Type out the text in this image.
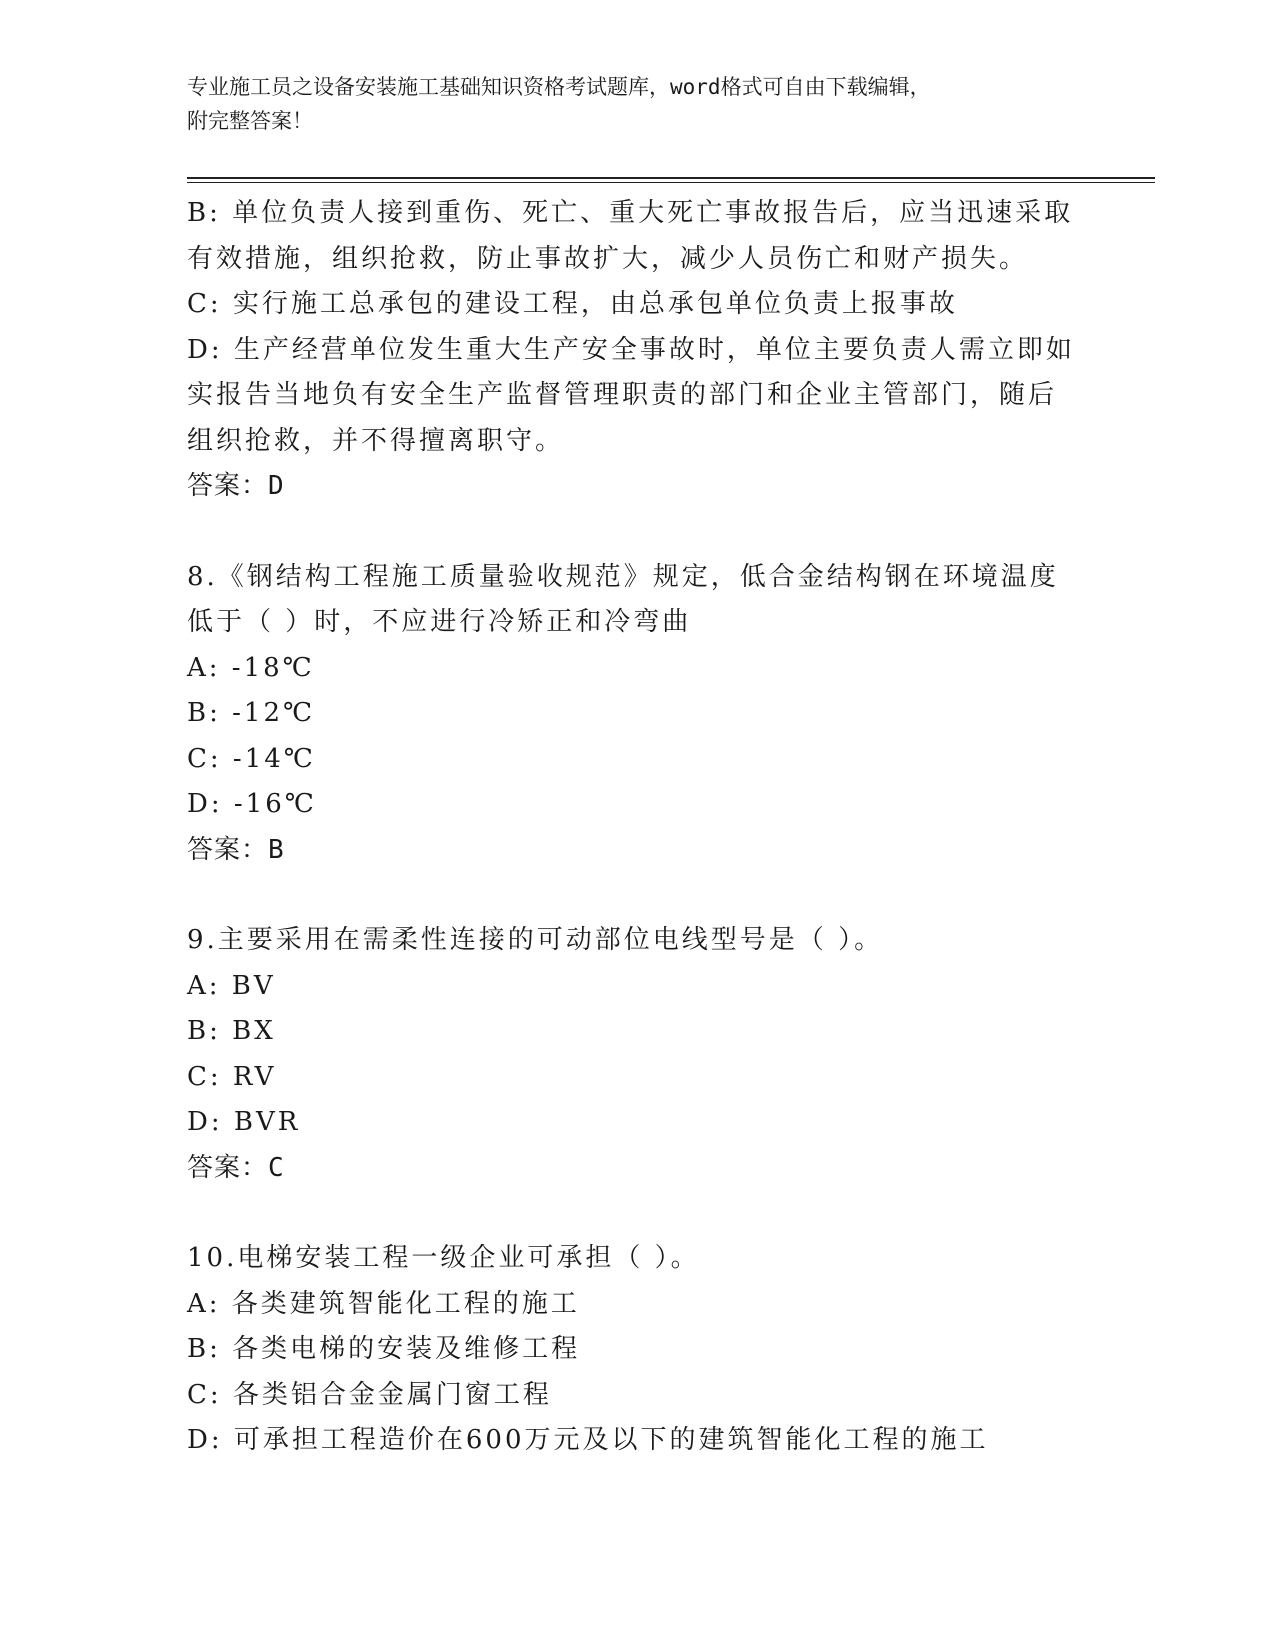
专业施工员之设备安装施工基础知识资格考试题库，word格式可自由下载编辑，
附完整答案！
B: 单位负责人接到重伤、死亡、重大死亡事故报告后，应当迅速采取
有效措施，组织抢救，防止事故扩大，减少人员伤亡和财产损失。
C: 实行施工总承包的建设工程，由总承包单位负责上报事故
D: 生产经营单位发生重大生产安全事故时，单位主要负责人需立即如
实报告当地负有安全生产监督管理职责的部门和企业主管部门，随后
组织抢救，并不得擅离职守。
答案：D
8.《钢结构工程施工质量验收规范》规定，低合金结构钢在环境温度
低于（ ）时，不应进行冷矫正和冷弯曲
A: -18℃
B: -12℃
C: -14℃
D: -16℃
答案：B
9.主要采用在需柔性连接的可动部位电线型号是（ ）。
A: BV
B: BX
C: RV
D: BVR
答案：C
10.电梯安装工程一级企业可承担（ ）。
A: 各类建筑智能化工程的施工
B: 各类电梯的安装及维修工程
C: 各类铝合金金属门窗工程
D: 可承担工程造价在600万元及以下的建筑智能化工程的施工
